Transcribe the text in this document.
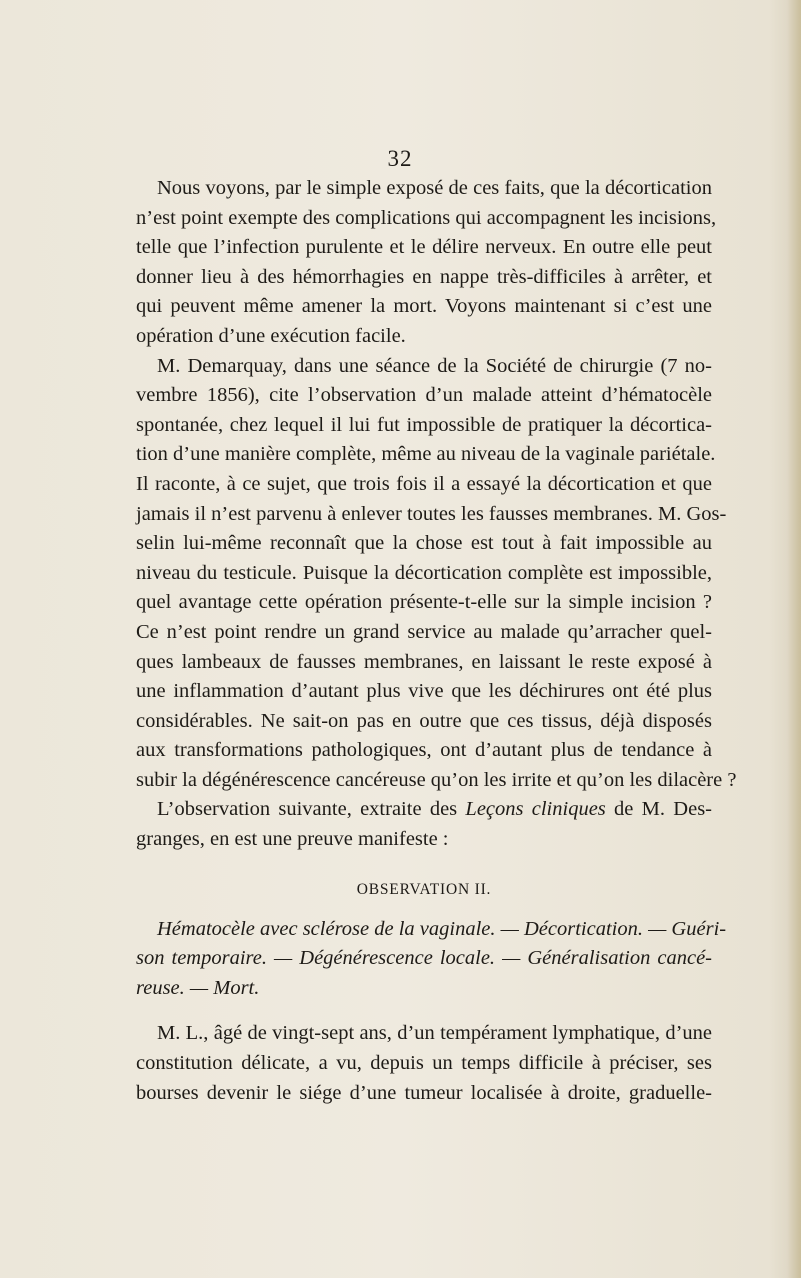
32
Nous voyons, par le simple exposé de ces faits, que la décortication
n’est point exempte des complications qui accompagnent les incisions,
telle que l’infection purulente et le délire nerveux. En outre elle peut
donner lieu à des hémorrhagies en nappe très-difficiles à arrêter, et
qui peuvent même amener la mort. Voyons maintenant si c’est une
opération d’une exécution facile.
M. Demarquay, dans une séance de la Société de chirurgie (7 no-
vembre 1856), cite l’observation d’un malade atteint d’hématocèle
spontanée, chez lequel il lui fut impossible de pratiquer la décortica-
tion d’une manière complète, même au niveau de la vaginale pariétale.
Il raconte, à ce sujet, que trois fois il a essayé la décortication et que
jamais il n’est parvenu à enlever toutes les fausses membranes. M. Gos-
selin lui-même reconnaît que la chose est tout à fait impossible au
niveau du testicule. Puisque la décortication complète est impossible,
quel avantage cette opération présente-t-elle sur la simple incision ?
Ce n’est point rendre un grand service au malade qu’arracher quel-
ques lambeaux de fausses membranes, en laissant le reste exposé à
une inflammation d’autant plus vive que les déchirures ont été plus
considérables. Ne sait-on pas en outre que ces tissus, déjà disposés
aux transformations pathologiques, ont d’autant plus de tendance à
subir la dégénérescence cancéreuse qu’on les irrite et qu’on les dilacère ?
L’observation suivante, extraite des Leçons cliniques de M. Des-
granges, en est une preuve manifeste :
OBSERVATION II.
Hématocèle avec sclérose de la vaginale. — Décortication. — Guéri-
son temporaire. — Dégénérescence locale. — Généralisation cancé-
reuse. — Mort.
M. L., âgé de vingt-sept ans, d’un tempérament lymphatique, d’une
constitution délicate, a vu, depuis un temps difficile à préciser, ses
bourses devenir le siége d’une tumeur localisée à droite, graduelle-
